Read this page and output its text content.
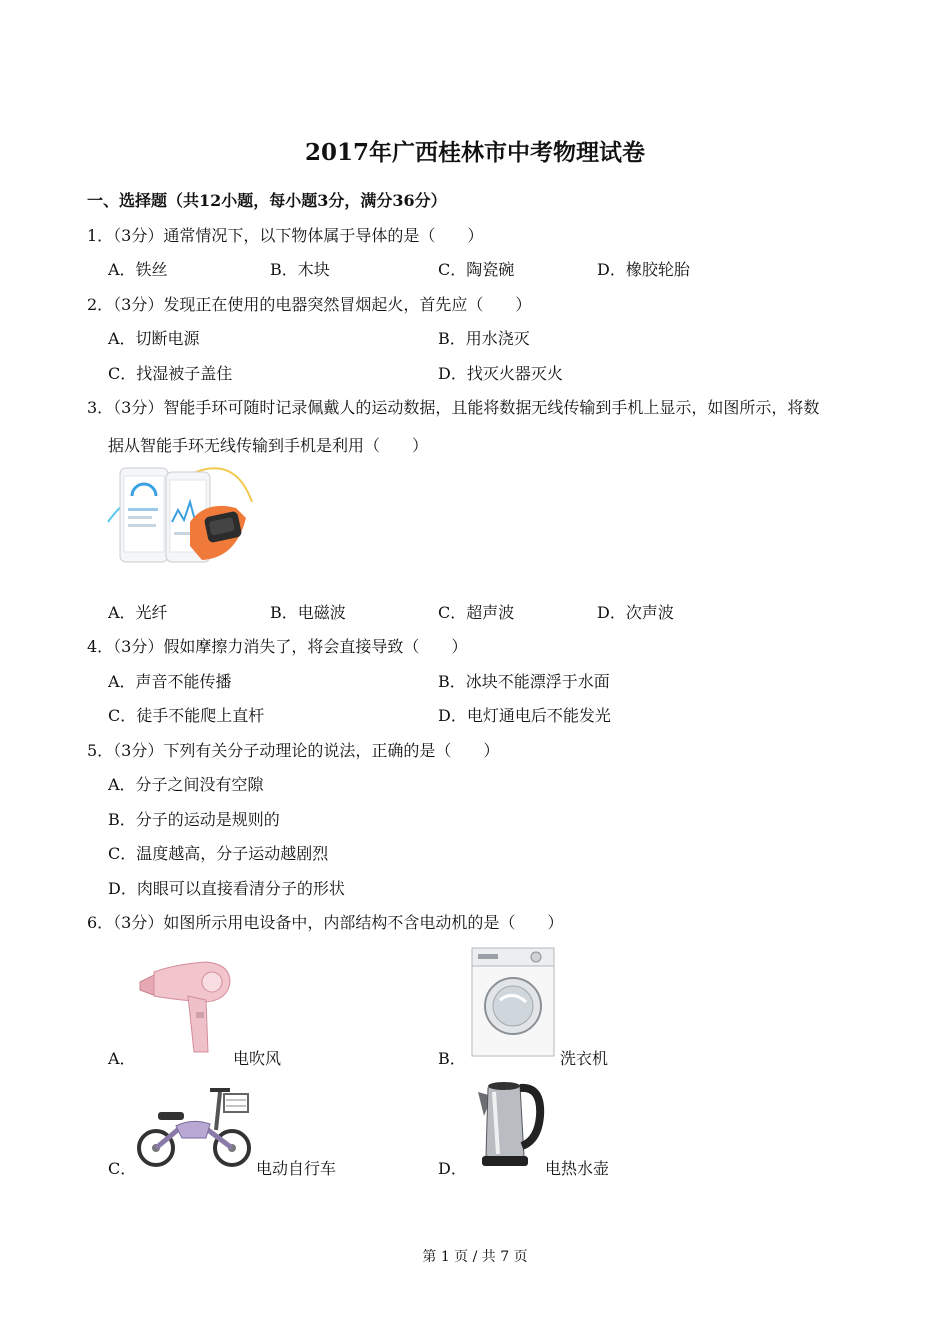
2017年广西桂林市中考物理试卷
一、选择题（共12小题，每小题3分，满分36分）
1．（3分）通常情况下，以下物体属于导体的是（　　）
A．铁丝	B．木块	C．陶瓷碗	D．橡胶轮胎
2．（3分）发现正在使用的电器突然冒烟起火，首先应（　　）
A．切断电源	B．用水浇灭
C．找湿被子盖住	D．找灭火器灭火
3．（3分）智能手环可随时记录佩戴人的运动数据，且能将数据无线传输到手机上显示，如图所示，将数
据从智能手环无线传输到手机是利用（　　）
A．光纤	B．电磁波	C．超声波	D．次声波
4．（3分）假如摩擦力消失了，将会直接导致（　　）
A．声音不能传播	B．冰块不能漂浮于水面
C．徒手不能爬上直杆	D．电灯通电后不能发光
5．（3分）下列有关分子动理论的说法，正确的是（　　）
A．分子之间没有空隙
B．分子的运动是规则的
C．温度越高，分子运动越剧烈
D．肉眼可以直接看清分子的形状
6．（3分）如图所示用电设备中，内部结构不含电动机的是（　　）
A．	电吹风	B．	洗衣机
C．	电动自行车	D．	电热水壶
第 1 页 / 共 7 页
